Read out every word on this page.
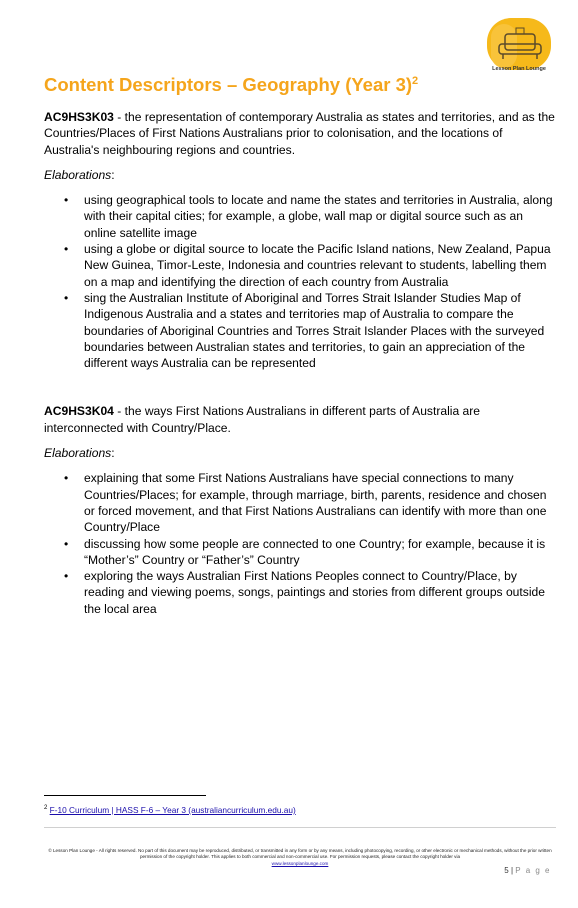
Lesson Plan Lounge
Content Descriptors – Geography (Year 3)$^2$

AC9HS3K03 - the representation of contemporary Australia as states and territories, and as the Countries/Places of First Nations Australians prior to colonisation, and the locations of Australia's neighbouring regions and countries.

Elaborations:

• using geographical tools to locate and name the states and territories in Australia, along with their capital cities; for example, a globe, wall map or digital source such as an online satellite image
• using a globe or digital source to locate the Pacific Island nations, New Zealand, Papua New Guinea, Timor-Leste, Indonesia and countries relevant to students, labelling them on a map and identifying the direction of each country from Australia
• sing the Australian Institute of Aboriginal and Torres Strait Islander Studies Map of Indigenous Australia and a states and territories map of Australia to compare the boundaries of Aboriginal Countries and Torres Strait Islander Places with the surveyed boundaries between Australian states and territories, to gain an appreciation of the different ways Australia can be represented

AC9HS3K04 - the ways First Nations Australians in different parts of Australia are interconnected with Country/Place.

Elaborations:

• explaining that some First Nations Australians have special connections to many Countries/Places; for example, through marriage, birth, parents, residence and chosen or forced movement, and that First Nations Australians can identify with more than one Country/Place
• discussing how some people are connected to one Country; for example, because it is “Mother’s” Country or “Father’s” Country
• exploring the ways Australian First Nations Peoples connect to Country/Place, by reading and viewing poems, songs, paintings and stories from different groups outside the local area
$^2$ F-10 Curriculum | HASS F-6 – Year 3 (australiancurriculum.edu.au)
© Lesson Plan Lounge - All rights reserved. No part of this document may be reproduced, distributed, or transmitted in any form or by any means, including photocopying, recording, or other electronic or mechanical methods, without the prior written permission of the copyright holder. This applies to both commercial and non-commercial use. For permission requests, please contact the copyright holder via
www.lessonplanlounge.com
5 | P a g e
